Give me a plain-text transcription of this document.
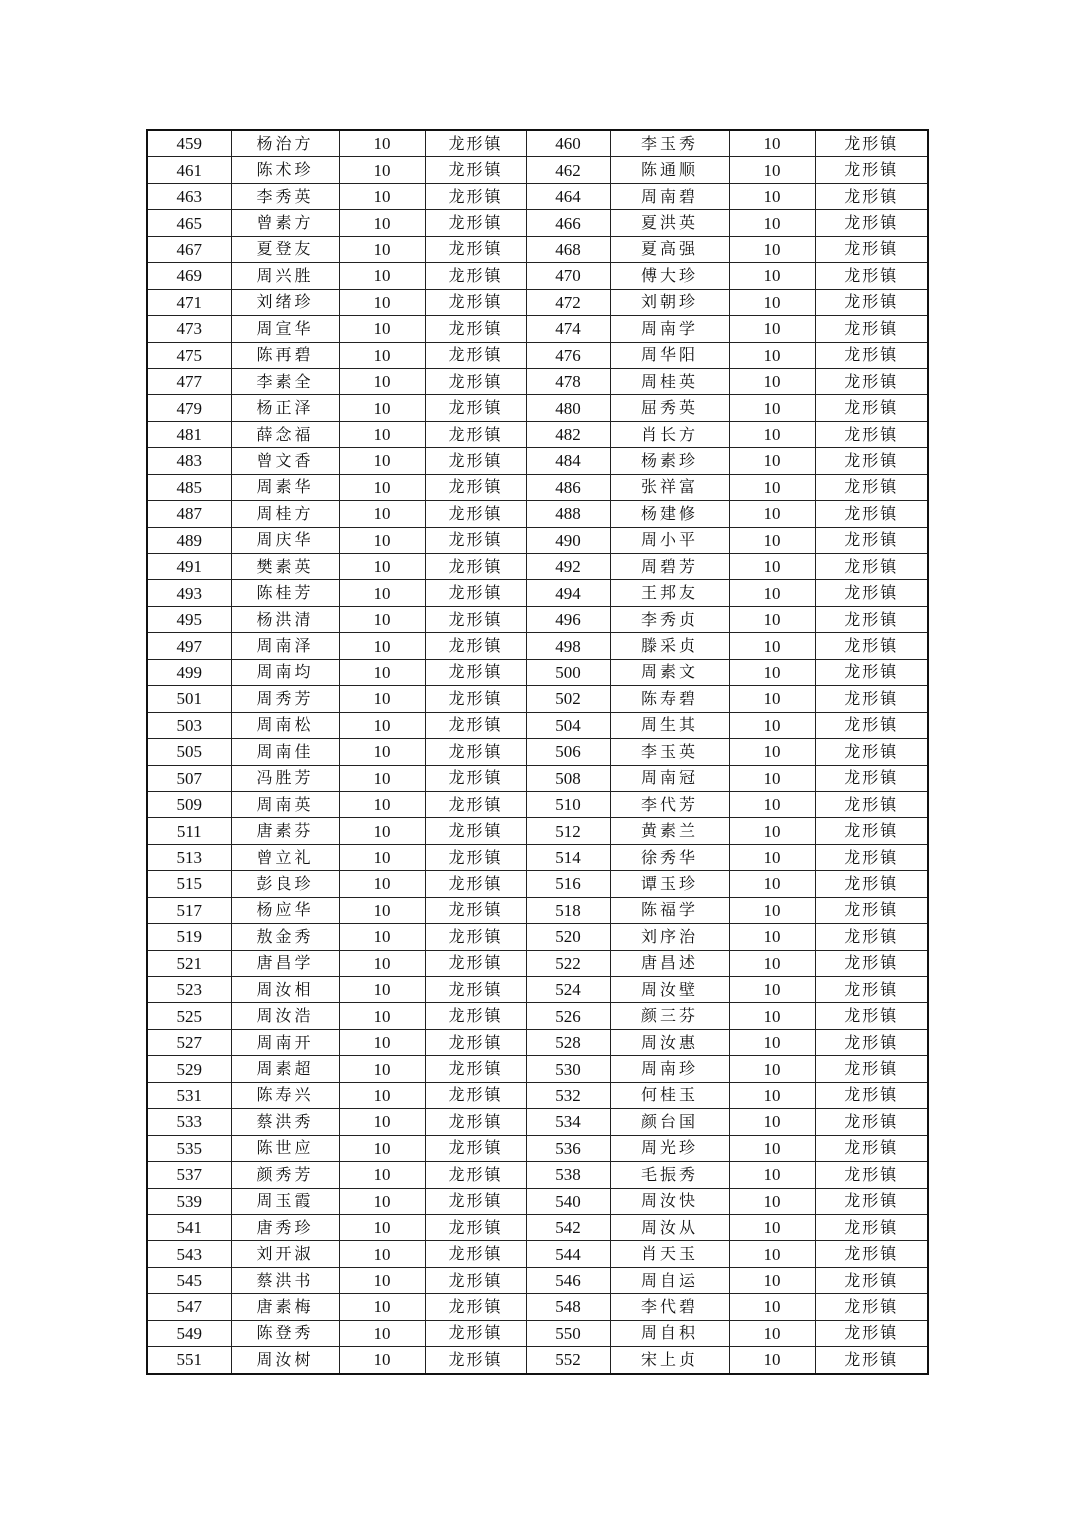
459	杨治方	10	龙形镇	460	李玉秀	10	龙形镇
461	陈术珍	10	龙形镇	462	陈通顺	10	龙形镇
463	李秀英	10	龙形镇	464	周南碧	10	龙形镇
465	曾素方	10	龙形镇	466	夏洪英	10	龙形镇
467	夏登友	10	龙形镇	468	夏高强	10	龙形镇
469	周兴胜	10	龙形镇	470	傅大珍	10	龙形镇
471	刘绪珍	10	龙形镇	472	刘朝珍	10	龙形镇
473	周宣华	10	龙形镇	474	周南学	10	龙形镇
475	陈再碧	10	龙形镇	476	周华阳	10	龙形镇
477	李素全	10	龙形镇	478	周桂英	10	龙形镇
479	杨正泽	10	龙形镇	480	屈秀英	10	龙形镇
481	薛念福	10	龙形镇	482	肖长方	10	龙形镇
483	曾文香	10	龙形镇	484	杨素珍	10	龙形镇
485	周素华	10	龙形镇	486	张祥富	10	龙形镇
487	周桂方	10	龙形镇	488	杨建修	10	龙形镇
489	周庆华	10	龙形镇	490	周小平	10	龙形镇
491	樊素英	10	龙形镇	492	周碧芳	10	龙形镇
493	陈桂芳	10	龙形镇	494	王邦友	10	龙形镇
495	杨洪清	10	龙形镇	496	李秀贞	10	龙形镇
497	周南泽	10	龙形镇	498	滕采贞	10	龙形镇
499	周南均	10	龙形镇	500	周素文	10	龙形镇
501	周秀芳	10	龙形镇	502	陈寿碧	10	龙形镇
503	周南松	10	龙形镇	504	周生其	10	龙形镇
505	周南佳	10	龙形镇	506	李玉英	10	龙形镇
507	冯胜芳	10	龙形镇	508	周南冠	10	龙形镇
509	周南英	10	龙形镇	510	李代芳	10	龙形镇
511	唐素芬	10	龙形镇	512	黄素兰	10	龙形镇
513	曾立礼	10	龙形镇	514	徐秀华	10	龙形镇
515	彭良珍	10	龙形镇	516	谭玉珍	10	龙形镇
517	杨应华	10	龙形镇	518	陈福学	10	龙形镇
519	敖金秀	10	龙形镇	520	刘序治	10	龙形镇
521	唐昌学	10	龙形镇	522	唐昌述	10	龙形镇
523	周汝相	10	龙形镇	524	周汝壁	10	龙形镇
525	周汝浩	10	龙形镇	526	颜三芬	10	龙形镇
527	周南开	10	龙形镇	528	周汝惠	10	龙形镇
529	周素超	10	龙形镇	530	周南珍	10	龙形镇
531	陈寿兴	10	龙形镇	532	何桂玉	10	龙形镇
533	蔡洪秀	10	龙形镇	534	颜台国	10	龙形镇
535	陈世应	10	龙形镇	536	周光珍	10	龙形镇
537	颜秀芳	10	龙形镇	538	毛振秀	10	龙形镇
539	周玉霞	10	龙形镇	540	周汝快	10	龙形镇
541	唐秀珍	10	龙形镇	542	周汝从	10	龙形镇
543	刘开淑	10	龙形镇	544	肖天玉	10	龙形镇
545	蔡洪书	10	龙形镇	546	周自运	10	龙形镇
547	唐素梅	10	龙形镇	548	李代碧	10	龙形镇
549	陈登秀	10	龙形镇	550	周自积	10	龙形镇
551	周汝树	10	龙形镇	552	宋上贞	10	龙形镇
